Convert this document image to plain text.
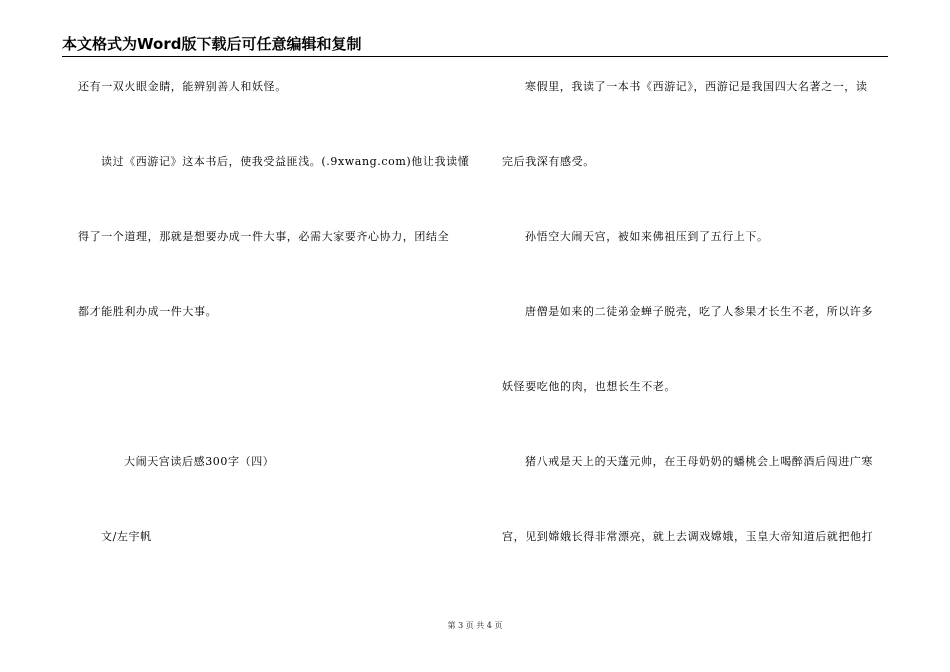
本文格式为Word版下载后可任意编辑和复制
还有一双火眼金睛，能辨别善人和妖怪。
读过《西游记》这本书后，使我受益匪浅。(.9xwang.com)他让我读懂
得了一个道理，那就是想要办成一件大事，必需大家要齐心协力，团结全
都才能胜利办成一件大事。
大闹天宫读后感300字（四）
文/左宇帆
寒假里，我读了一本书《西游记》，西游记是我国四大名著之一，读
完后我深有感受。
孙悟空大闹天宫，被如来佛祖压到了五行上下。
唐僧是如来的二徒弟金蝉子脱壳，吃了人参果才长生不老，所以许多
妖怪要吃他的肉，也想长生不老。
猪八戒是天上的天蓬元帅，在王母奶奶的蟠桃会上喝醉酒后闯进广寒
宫，见到嫦娥长得非常漂亮，就上去调戏嫦娥，玉皇大帝知道后就把他打
第 3 页 共 4 页
